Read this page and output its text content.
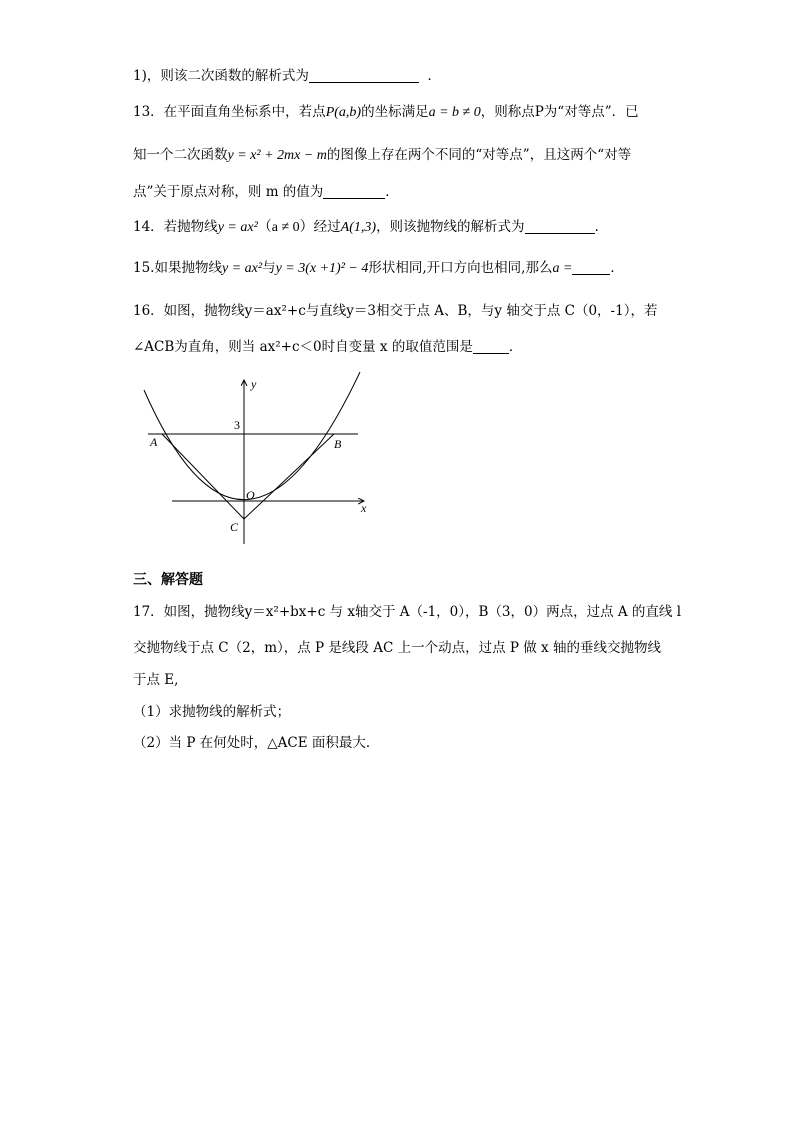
1)，则该二次函数的解析式为	．
13．在平面直角坐标系中，若点P(a,b)的坐标满足a = b ≠ 0，则称点P为“对等点”．已
知一个二次函数y = x² + 2mx − m的图像上存在两个不同的“对等点”，且这两个“对等
点”关于原点对称，则 m 的值为	．
14．若抛物线y = ax²（a ≠ 0）经过A(1,3)，则该抛物线的解析式为	．
15.如果抛物线y = ax²与y = 3(x +1)² − 4形状相同,开口方向也相同,那么a =	．
16．如图，抛物线y＝ax²+c与直线y＝3相交于点 A、B，与y 轴交于点 C（0，-1），若
∠ACB为直角，则当 ax²+c＜0时自变量 x 的取值范围是	．
y
x
3
A	B
O
C
三、解答题
17．如图，抛物线y＝x²+bx+c 与 x轴交于 A（-1，0），B（3，0）两点，过点 A 的直线 l
交抛物线于点 C（2，m），点 P 是线段 AC 上一个动点，过点 P 做 x 轴的垂线交抛物线
于点 E,
（1）求抛物线的解析式；
（2）当 P 在何处时，△ACE 面积最大．
